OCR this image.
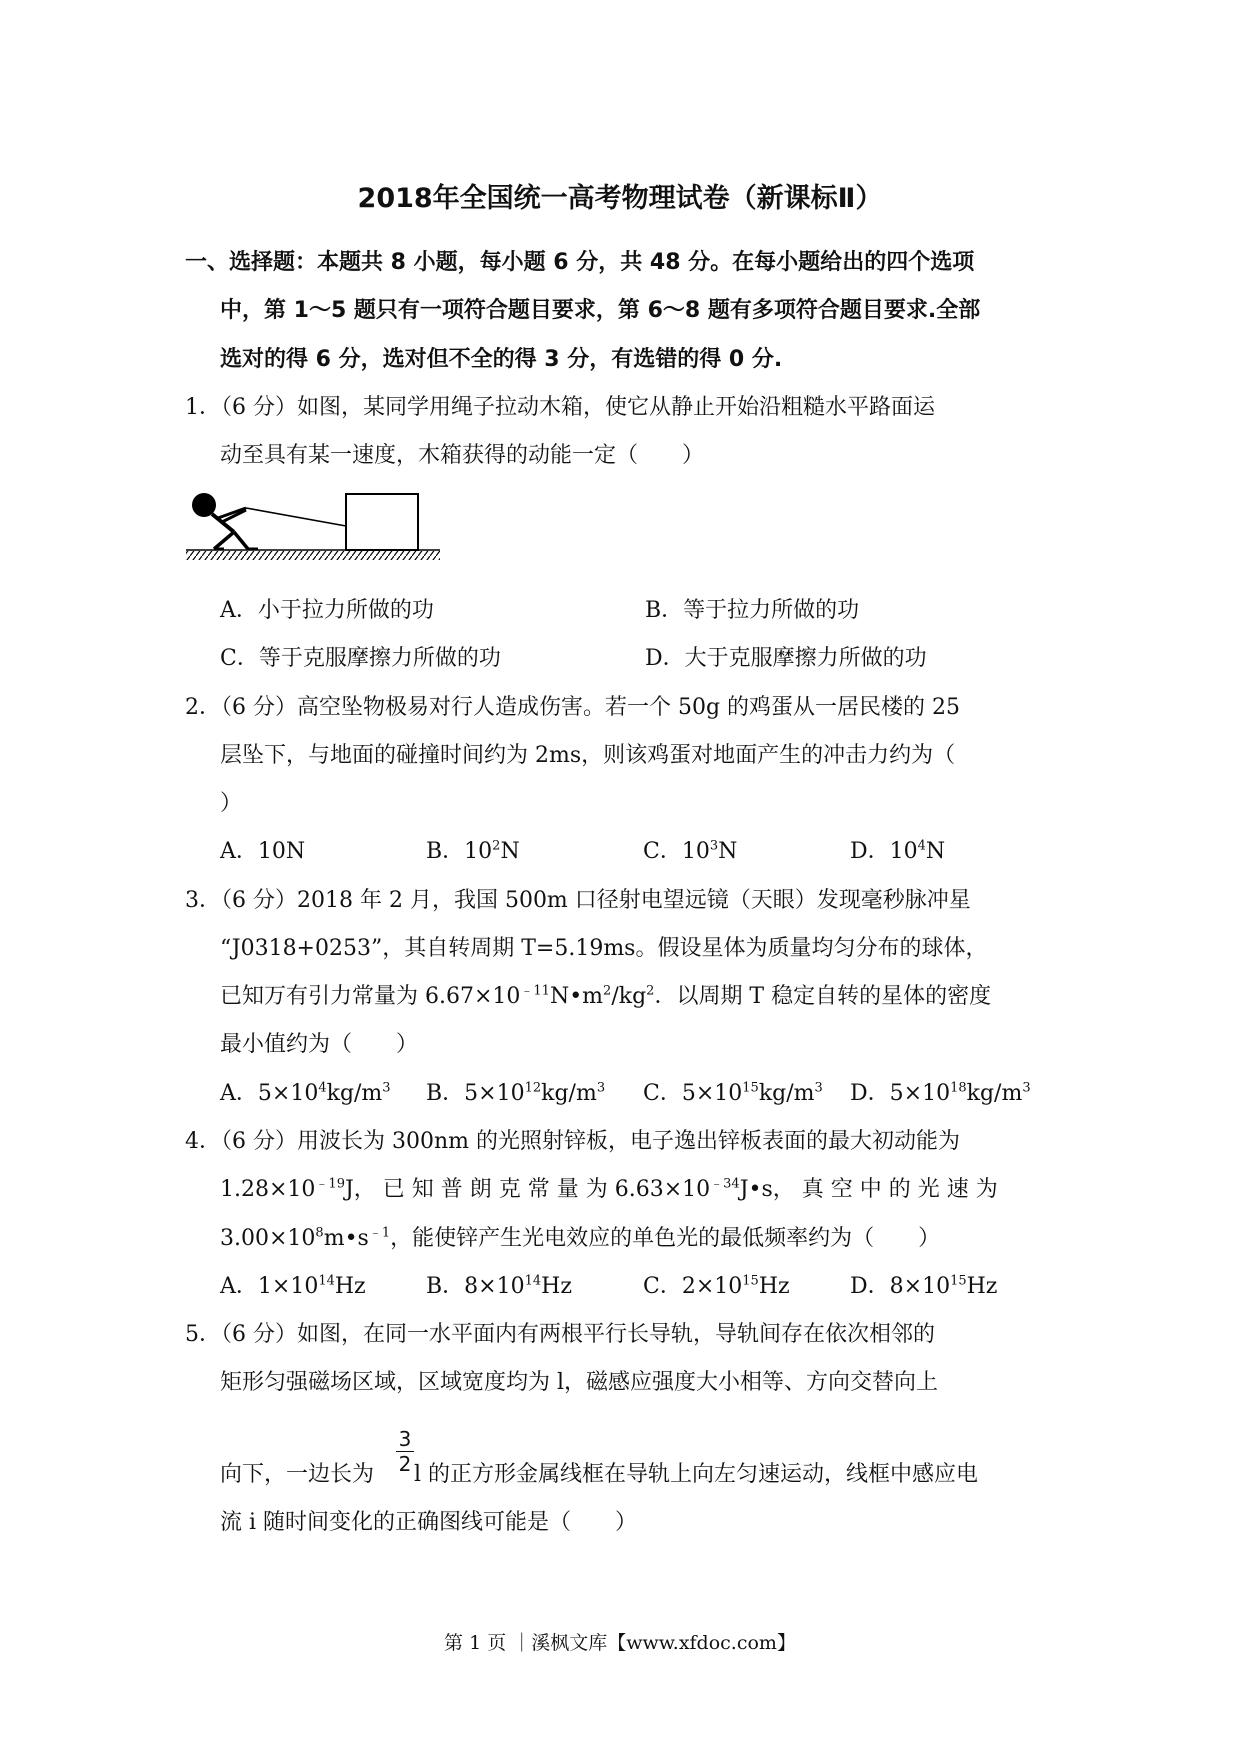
2018年全国统一高考物理试卷（新课标Ⅱ）
一、选择题：本题共 8 小题，每小题 6 分，共 48 分。在每小题给出的四个选项
中，第 1～5 题只有一项符合题目要求，第 6～8 题有多项符合题目要求.全部
选对的得 6 分，选对但不全的得 3 分，有选错的得 0 分.
1．（6 分）如图，某同学用绳子拉动木箱，使它从静止开始沿粗糙水平路面运
动至具有某一速度，木箱获得的动能一定（　　）
A．小于拉力所做的功	B．等于拉力所做的功
C．等于克服摩擦力所做的功	D．大于克服摩擦力所做的功
2．（6 分）高空坠物极易对行人造成伤害。若一个 50g 的鸡蛋从一居民楼的 25
层坠下，与地面的碰撞时间约为 2ms，则该鸡蛋对地面产生的冲击力约为（
）
A．10N	B．$10^2N$	C．$10^3N$	D．$10^4N$
3．（6 分）2018 年 2 月，我国 500m 口径射电望远镜（天眼）发现毫秒脉冲星
“J0318+0253”，其自转周期 T=5.19ms。假设星体为质量均匀分布的球体，
已知万有引力常量为 $6.67\times 10^{﹣11}N•m^2/kg^2$．以周期 T 稳定自转的星体的密度
最小值约为（　　）
A．$5\times 10^4kg/m^3$ B．$5\times 10^{12}kg/m^3$ C．$5\times 10^{15}kg/m^3$ D．$5\times 10^{18}kg/m^3$
4．（6 分）用波长为 300nm 的光照射锌板，电子逸出锌板表面的最大初动能为
$1.28\times 10^{﹣19}J$， 已 知 普 朗 克 常 量 为 $6.63\times 10^{﹣34}J•s$， 真 空 中 的 光 速 为
$3.00\times 10^8m•s^{﹣1}$，能使锌产生光电效应的单色光的最低频率约为（　　）
A．$1\times 10^{14}Hz$	B．$8\times 10^{14}Hz$	C．$2\times 10^{15}Hz$	D．$8\times 10^{15}Hz$
5．（6 分）如图，在同一水平面内有两根平行长导轨，导轨间存在依次相邻的
矩形匀强磁场区域，区域宽度均为 l，磁感应强度大小相等、方向交替向上
3
2
向下，一边长为 l 的正方形金属线框在导轨上向左匀速运动，线框中感应电
流 i 随时间变化的正确图线可能是（　　）
第 1 页 ｜溪枫文库【www.xfdoc.com】
